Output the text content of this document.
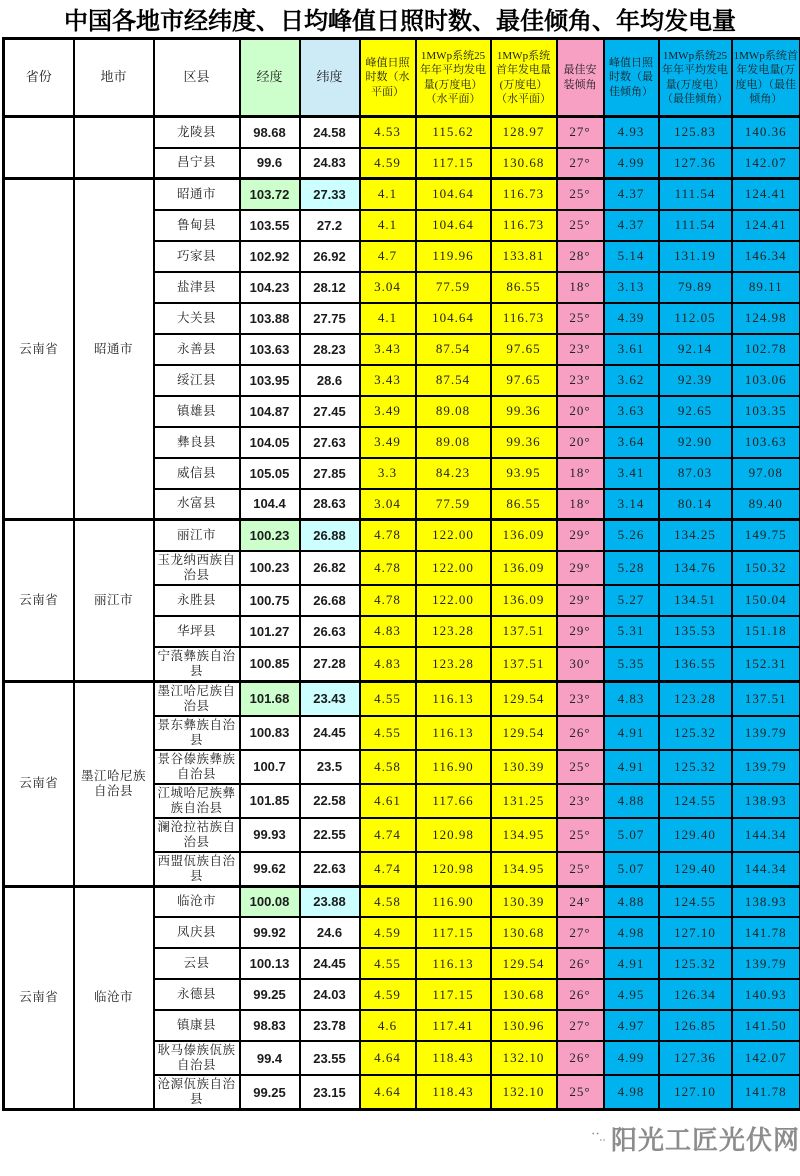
中国各地市经纬度、日均峰值日照时数、最佳倾角、年均发电量
省份	地市	区县	经度	纬度	峰值日照时数（水平面）	1MWp系统25年年平均发电量(万度电）（水平面）	1MWp系统首年发电量(万度电）（水平面）	最佳安装倾角	峰值日照时数（最佳倾角）	1MWp系统25年年平均发电量(万度电）（最佳倾角）	1MWp系统首年发电量(万度电）（最佳倾角）
		龙陵县	98.68	24.58	4.53	115.62	128.97	27°	4.93	125.83	140.36
		昌宁县	99.6	24.83	4.59	117.15	130.68	27°	4.99	127.36	142.07
云南省	昭通市	昭通市	103.72	27.33	4.1	104.64	116.73	25°	4.37	111.54	124.41
		鲁甸县	103.55	27.2	4.1	104.64	116.73	25°	4.37	111.54	124.41
		巧家县	102.92	26.92	4.7	119.96	133.81	28°	5.14	131.19	146.34
		盐津县	104.23	28.12	3.04	77.59	86.55	18°	3.13	79.89	89.11
		大关县	103.88	27.75	4.1	104.64	116.73	25°	4.39	112.05	124.98
		永善县	103.63	28.23	3.43	87.54	97.65	23°	3.61	92.14	102.78
		绥江县	103.95	28.6	3.43	87.54	97.65	23°	3.62	92.39	103.06
		镇雄县	104.87	27.45	3.49	89.08	99.36	20°	3.63	92.65	103.35
		彝良县	104.05	27.63	3.49	89.08	99.36	20°	3.64	92.90	103.63
		威信县	105.05	27.85	3.3	84.23	93.95	18°	3.41	87.03	97.08
		水富县	104.4	28.63	3.04	77.59	86.55	18°	3.14	80.14	89.40
云南省	丽江市	丽江市	100.23	26.88	4.78	122.00	136.09	29°	5.26	134.25	149.75
		玉龙纳西族自治县	100.23	26.82	4.78	122.00	136.09	29°	5.28	134.76	150.32
		永胜县	100.75	26.68	4.78	122.00	136.09	29°	5.27	134.51	150.04
		华坪县	101.27	26.63	4.83	123.28	137.51	29°	5.31	135.53	151.18
		宁蒗彝族自治县	100.85	27.28	4.83	123.28	137.51	30°	5.35	136.55	152.31
云南省	墨江哈尼族自治县	墨江哈尼族自治县	101.68	23.43	4.55	116.13	129.54	23°	4.83	123.28	137.51
		景东彝族自治县	100.83	24.45	4.55	116.13	129.54	26°	4.91	125.32	139.79
		景谷傣族彝族自治县	100.7	23.5	4.58	116.90	130.39	25°	4.91	125.32	139.79
		江城哈尼族彝族自治县	101.85	22.58	4.61	117.66	131.25	23°	4.88	124.55	138.93
		澜沧拉祜族自治县	99.93	22.55	4.74	120.98	134.95	25°	5.07	129.40	144.34
		西盟佤族自治县	99.62	22.63	4.74	120.98	134.95	25°	5.07	129.40	144.34
云南省	临沧市	临沧市	100.08	23.88	4.58	116.90	130.39	24°	4.88	124.55	138.93
		凤庆县	99.92	24.6	4.59	117.15	130.68	27°	4.98	127.10	141.78
		云县	100.13	24.45	4.55	116.13	129.54	26°	4.91	125.32	139.79
		永德县	99.25	24.03	4.59	117.15	130.68	26°	4.95	126.34	140.93
		镇康县	98.83	23.78	4.6	117.41	130.96	27°	4.97	126.85	141.50
		耿马傣族佤族自治县	99.4	23.55	4.64	118.43	132.10	26°	4.99	127.36	142.07
		沧源佤族自治县	99.25	23.15	4.64	118.43	132.10	25°	4.98	127.10	141.78
阳光工匠光伏网
